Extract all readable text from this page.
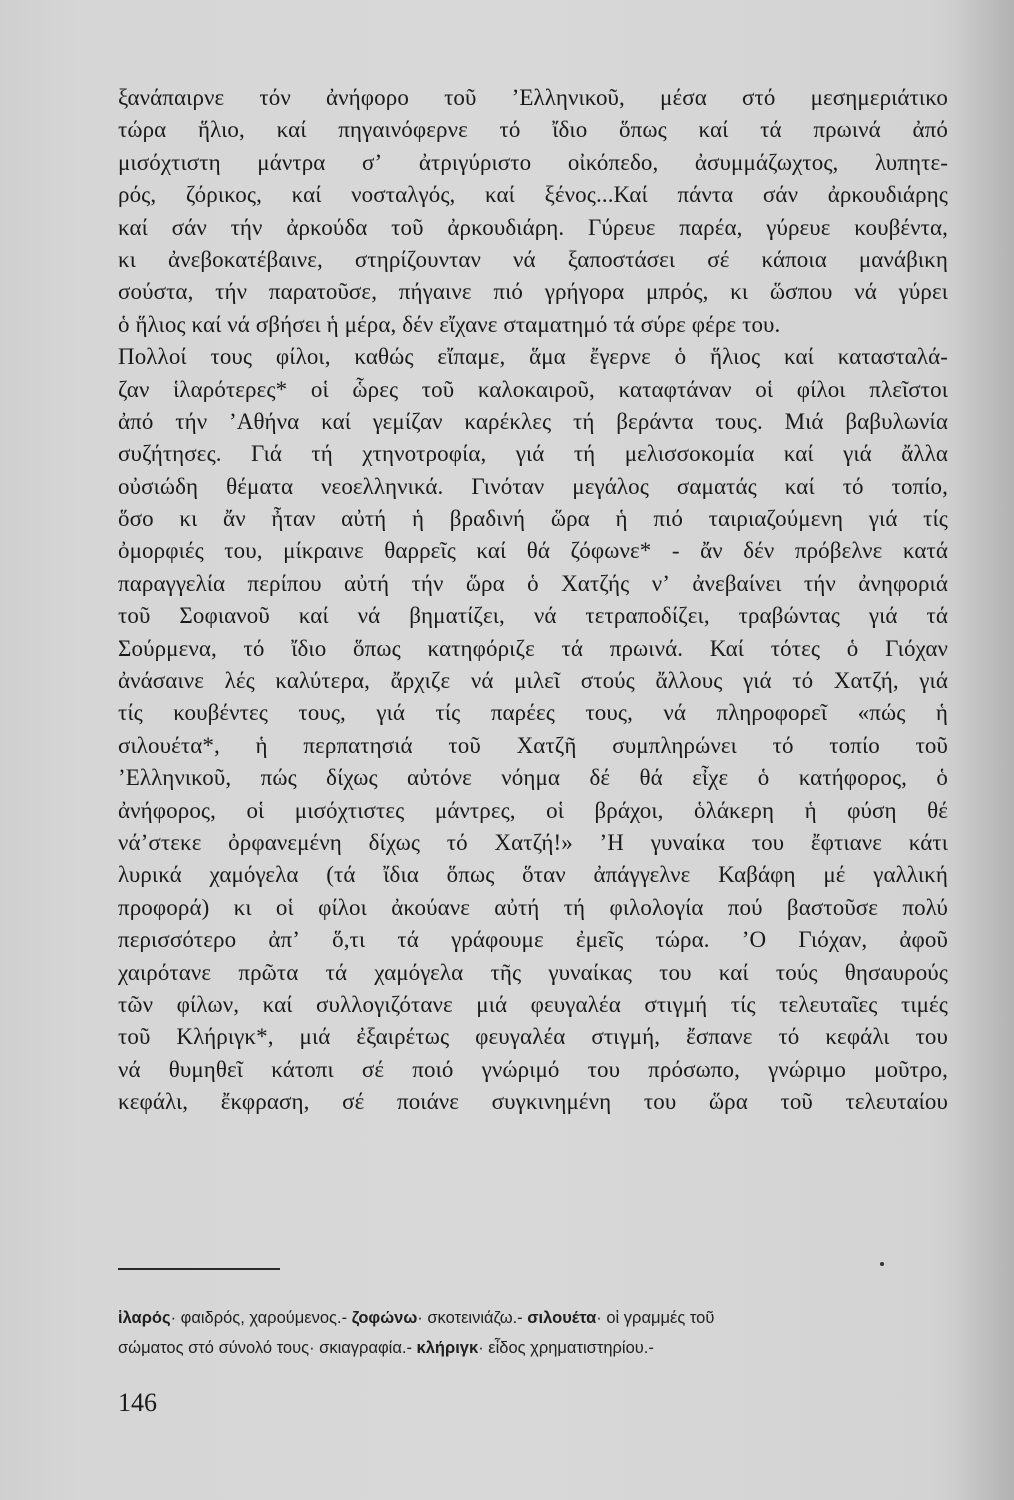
ξανάπαιρνε τόν ἀνήφορο τοῦ ʼΕλληνικοῦ, μέσα στό μεσημεριάτικο
τώρα ἥλιο, καί πηγαινόφερνε τό ἴδιο ὅπως καί τά πρωινά ἀπό
μισόχτιστη μάντρα σʼ ἀτριγύριστο οἰκόπεδο, ἀσυμμάζωχτος, λυπητε-
ρός, ζόρικος, καί νοσταλγός, καί ξένος...Καί πάντα σάν ἀρκουδιάρης
καί σάν τήν ἀρκούδα τοῦ ἀρκουδιάρη. Γύρευε παρέα, γύρευε κουβέντα,
κι ἀνεβοκατέβαινε, στηρίζουνταν νά ξαποστάσει σέ κάποια μανάβικη
σούστα, τήν παρατοῦσε, πήγαινε πιό γρήγορα μπρός, κι ὥσπου νά γύρει
ὁ ἥλιος καί νά σβήσει ἡ μέρα, δέν εἴχανε σταματημό τά σύρε φέρε του.
Πολλοί τους φίλοι, καθώς εἴπαμε, ἅμα ἔγερνε ὁ ἥλιος καί κατασταλά-
ζαν ἱλαρότερες* οἱ ὧρες τοῦ καλοκαιροῦ, καταφτάναν οἱ φίλοι πλεῖστοι
ἀπό τήν ʼΑθήνα καί γεμίζαν καρέκλες τή βεράντα τους. Μιά βαβυλωνία
συζήτησες. Γιά τή χτηνοτροφία, γιά τή μελισσοκομία καί γιά ἄλλα
οὐσιώδη θέματα νεοελληνικά. Γινόταν μεγάλος σαματάς καί τό τοπίο,
ὅσο κι ἄν ἦταν αὐτή ἡ βραδινή ὥρα ἡ πιό ταιριαζούμενη γιά τίς
ὀμορφιές του, μίκραινε θαρρεῖς καί θά ζόφωνε* - ἄν δέν πρόβελνε κατά
παραγγελία περίπου αὐτή τήν ὥρα ὁ Χατζής νʼ ἀνεβαίνει τήν ἀνηφοριά
τοῦ Σοφιανοῦ καί νά βηματίζει, νά τετραποδίζει, τραβώντας γιά τά
Σούρμενα, τό ἴδιο ὅπως κατηφόριζε τά πρωινά. Καί τότες ὁ Γιόχαν
ἀνάσαινε λές καλύτερα, ἄρχιζε νά μιλεῖ στούς ἄλλους γιά τό Χατζή, γιά
τίς κουβέντες τους, γιά τίς παρέες τους, νά πληροφορεῖ «πώς ἡ
σιλουέτα*, ἡ περπατησιά τοῦ Χατζῆ συμπληρώνει τό τοπίο τοῦ
ʼΕλληνικοῦ, πώς δίχως αὐτόνε νόημα δέ θά εἶχε ὁ κατήφορος, ὁ
ἀνήφορος, οἱ μισόχτιστες μάντρες, οἱ βράχοι, ὁλάκερη ἡ φύση θέ
νάʼστεκε ὀρφανεμένη δίχως τό Χατζή!» ʼΗ γυναίκα του ἔφτιανε κάτι
λυρικά χαμόγελα (τά ἴδια ὅπως ὅταν ἀπάγγελνε Καβάφη μέ γαλλική
προφορά) κι οἱ φίλοι ἀκούανε αὐτή τή φιλολογία πού βαστοῦσε πολύ
περισσότερο ἀπʼ ὅ,τι τά γράφουμε ἐμεῖς τώρα. ʼΟ Γιόχαν, ἀφοῦ
χαιρότανε πρῶτα τά χαμόγελα τῆς γυναίκας του καί τούς θησαυρούς
τῶν φίλων, καί συλλογιζότανε μιά φευγαλέα στιγμή τίς τελευταῖες τιμές
τοῦ Κλήριγκ*, μιά ἐξαιρέτως φευγαλέα στιγμή, ἔσπανε τό κεφάλι του
νά θυμηθεῖ κάτοπι σέ ποιό γνώριμό του πρόσωπο, γνώριμο μοῦτρο,
κεφάλι, ἔκφραση, σέ ποιάνε συγκινημένη του ὥρα τοῦ τελευταίου
ἱλαρός· φαιδρός, χαρούμενος.- ζοφώνω· σκοτεινιάζω.- σιλουέτα· οἱ γραμμές τοῦ
σώματος στό σύνολό τους· σκιαγραφία.- κλήριγκ· εἶδος χρηματιστηρίου.-
146
